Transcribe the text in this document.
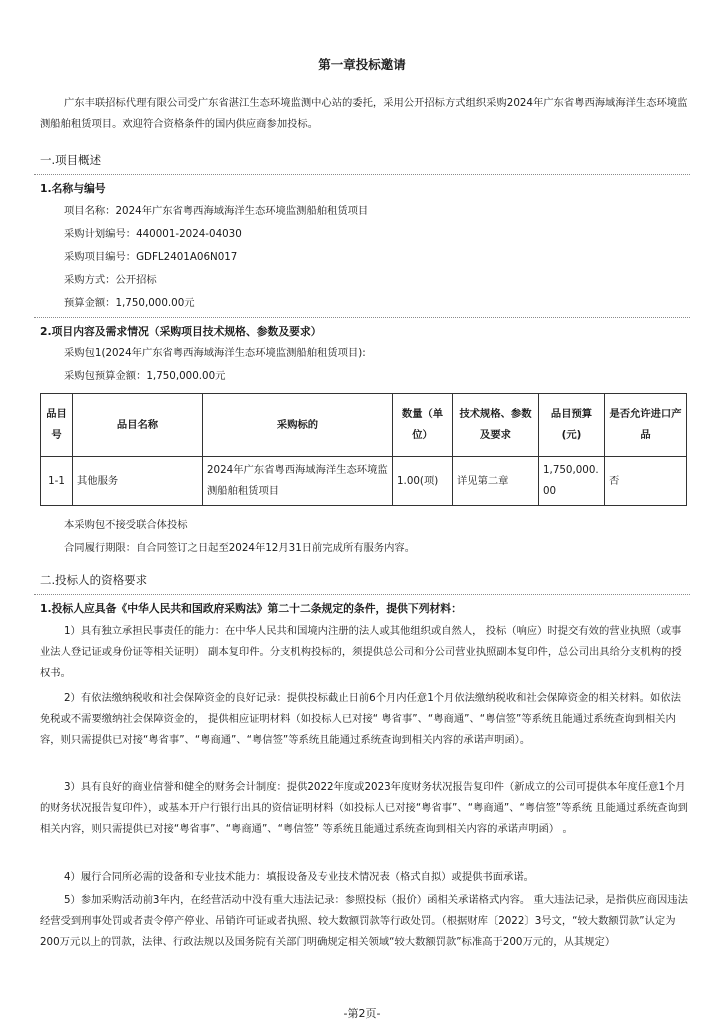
第一章投标邀请
广东丰联招标代理有限公司受广东省湛江生态环境监测中心站的委托，采用公开招标方式组织采购2024年广东省粤西海域海洋生态环境监测船舶租赁项目。欢迎符合资格条件的国内供应商参加投标。
一.项目概述
1.名称与编号
项目名称：2024年广东省粤西海域海洋生态环境监测船舶租赁项目
采购计划编号：440001-2024-04030
采购项目编号：GDFL2401A06N017
采购方式：公开招标
预算金额：1,750,000.00元
2.项目内容及需求情况（采购项目技术规格、参数及要求）
采购包1(2024年广东省粤西海域海洋生态环境监测船舶租赁项目):
采购包预算金额：1,750,000.00元
品目号	品目名称	采购标的	数量（单位）	技术规格、参数及要求	品目预算(元)	是否允许进口产品
1-1	其他服务	2024年广东省粤西海域海洋生态环境监测船舶租赁项目	1.00(项)	详见第二章	1,750,000.00	否
本采购包不接受联合体投标
合同履行期限：自合同签订之日起至2024年12月31日前完成所有服务内容。
二.投标人的资格要求
1.投标人应具备《中华人民共和国政府采购法》第二十二条规定的条件，提供下列材料：
1）具有独立承担民事责任的能力：在中华人民共和国境内注册的法人或其他组织或自然人， 投标（响应）时提交有效的营业执照（或事业法人登记证或身份证等相关证明） 副本复印件。分支机构投标的，须提供总公司和分公司营业执照副本复印件，总公司出具给分支机构的授权书。
2）有依法缴纳税收和社会保障资金的良好记录：提供投标截止日前6个月内任意1个月依法缴纳税收和社会保障资金的相关材料。如依法免税或不需要缴纳社会保障资金的， 提供相应证明材料（如投标人已对接“ 粤省事”、“粤商通”、“粤信签”等系统且能通过系统查询到相关内容，则只需提供已对接“粤省事”、“粤商通”、“粤信签”等系统且能通过系统查询到相关内容的承诺声明函）。
3）具有良好的商业信誉和健全的财务会计制度：提供2022年度或2023年度财务状况报告复印件（新成立的公司可提供本年度任意1个月的财务状况报告复印件），或基本开户行银行出具的资信证明材料（如投标人已对接“粤省事”、“粤商通”、“粤信签”等系统 且能通过系统查询到相关内容，则只需提供已对接“粤省事”、“粤商通”、“粤信签” 等系统且能通过系统查询到相关内容的承诺声明函） 。
4）履行合同所必需的设备和专业技术能力：填报设备及专业技术情况表（格式自拟）或提供书面承诺。
5）参加采购活动前3年内，在经营活动中没有重大违法记录：参照投标（报价）函相关承诺格式内容。 重大违法记录，是指供应商因违法经营受到刑事处罚或者责令停产停业、吊销许可证或者执照、较大数额罚款等行政处罚。（根据财库〔2022〕3号文，“较大数额罚款”认定为200万元以上的罚款，法律、行政法规以及国务院有关部门明确规定相关领域“较大数额罚款”标准高于200万元的，从其规定）
-第2页-
